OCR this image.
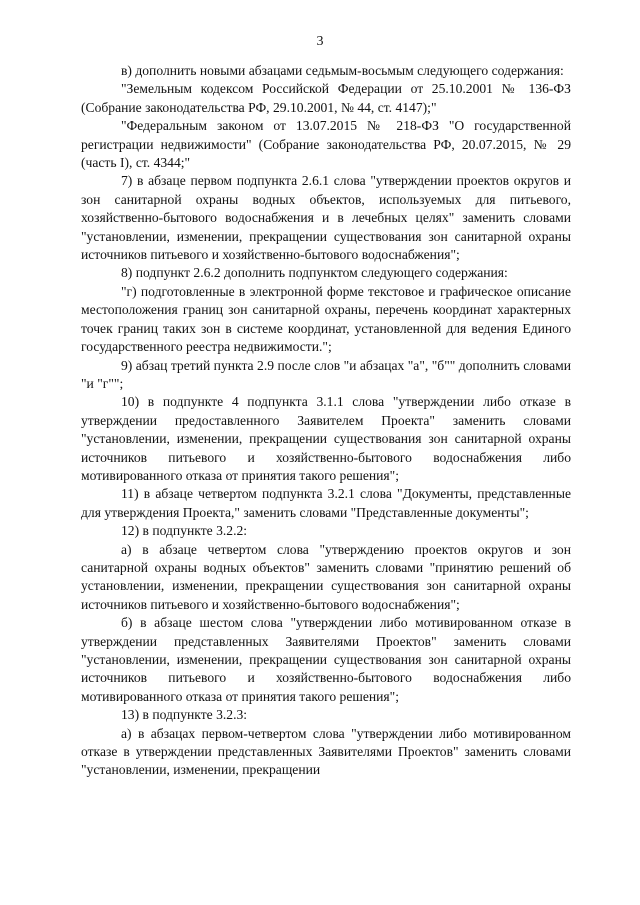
3

в) дополнить новыми абзацами седьмым-восьмым следующего содержания:

"Земельным кодексом Российской Федерации от 25.10.2001 № 136-ФЗ (Собрание законодательства РФ, 29.10.2001, № 44, ст. 4147);"

"Федеральным законом от 13.07.2015 № 218-ФЗ "О государственной регистрации недвижимости" (Собрание законодательства РФ, 20.07.2015, № 29 (часть I), ст. 4344;"

7) в абзаце первом подпункта 2.6.1 слова "утверждении проектов округов и зон санитарной охраны водных объектов, используемых для питьевого, хозяйственно-бытового водоснабжения и в лечебных целях" заменить словами "установлении, изменении, прекращении существования зон санитарной охраны источников питьевого и хозяйственно-бытового водоснабжения";

8) подпункт 2.6.2 дополнить подпунктом следующего содержания:

"г) подготовленные в электронной форме текстовое и графическое описание местоположения границ зон санитарной охраны, перечень координат характерных точек границ таких зон в системе координат, установленной для ведения Единого государственного реестра недвижимости.";

9) абзац третий пункта 2.9 после слов "и абзацах "а", "б"" дополнить словами "и "г"";

10) в подпункте 4 подпункта 3.1.1 слова "утверждении либо отказе в утверждении предоставленного Заявителем Проекта" заменить словами "установлении, изменении, прекращении существования зон санитарной охраны источников питьевого и хозяйственно-бытового водоснабжения либо мотивированного отказа от принятия такого решения";

11) в абзаце четвертом подпункта 3.2.1 слова "Документы, представленные для утверждения Проекта," заменить словами "Представленные документы";

12) в подпункте 3.2.2:

а) в абзаце четвертом слова "утверждению проектов округов и зон санитарной охраны водных объектов" заменить словами "принятию решений об установлении, изменении, прекращении существования зон санитарной охраны источников питьевого и хозяйственно-бытового водоснабжения";

б) в абзаце шестом слова "утверждении либо мотивированном отказе в утверждении представленных Заявителями Проектов" заменить словами "установлении, изменении, прекращении существования зон санитарной охраны источников питьевого и хозяйственно-бытового водоснабжения либо мотивированного отказа от принятия такого решения";

13) в подпункте 3.2.3:

а) в абзацах первом-четвертом слова "утверждении либо мотивированном отказе в утверждении представленных Заявителями Проектов" заменить словами "установлении, изменении, прекращении
